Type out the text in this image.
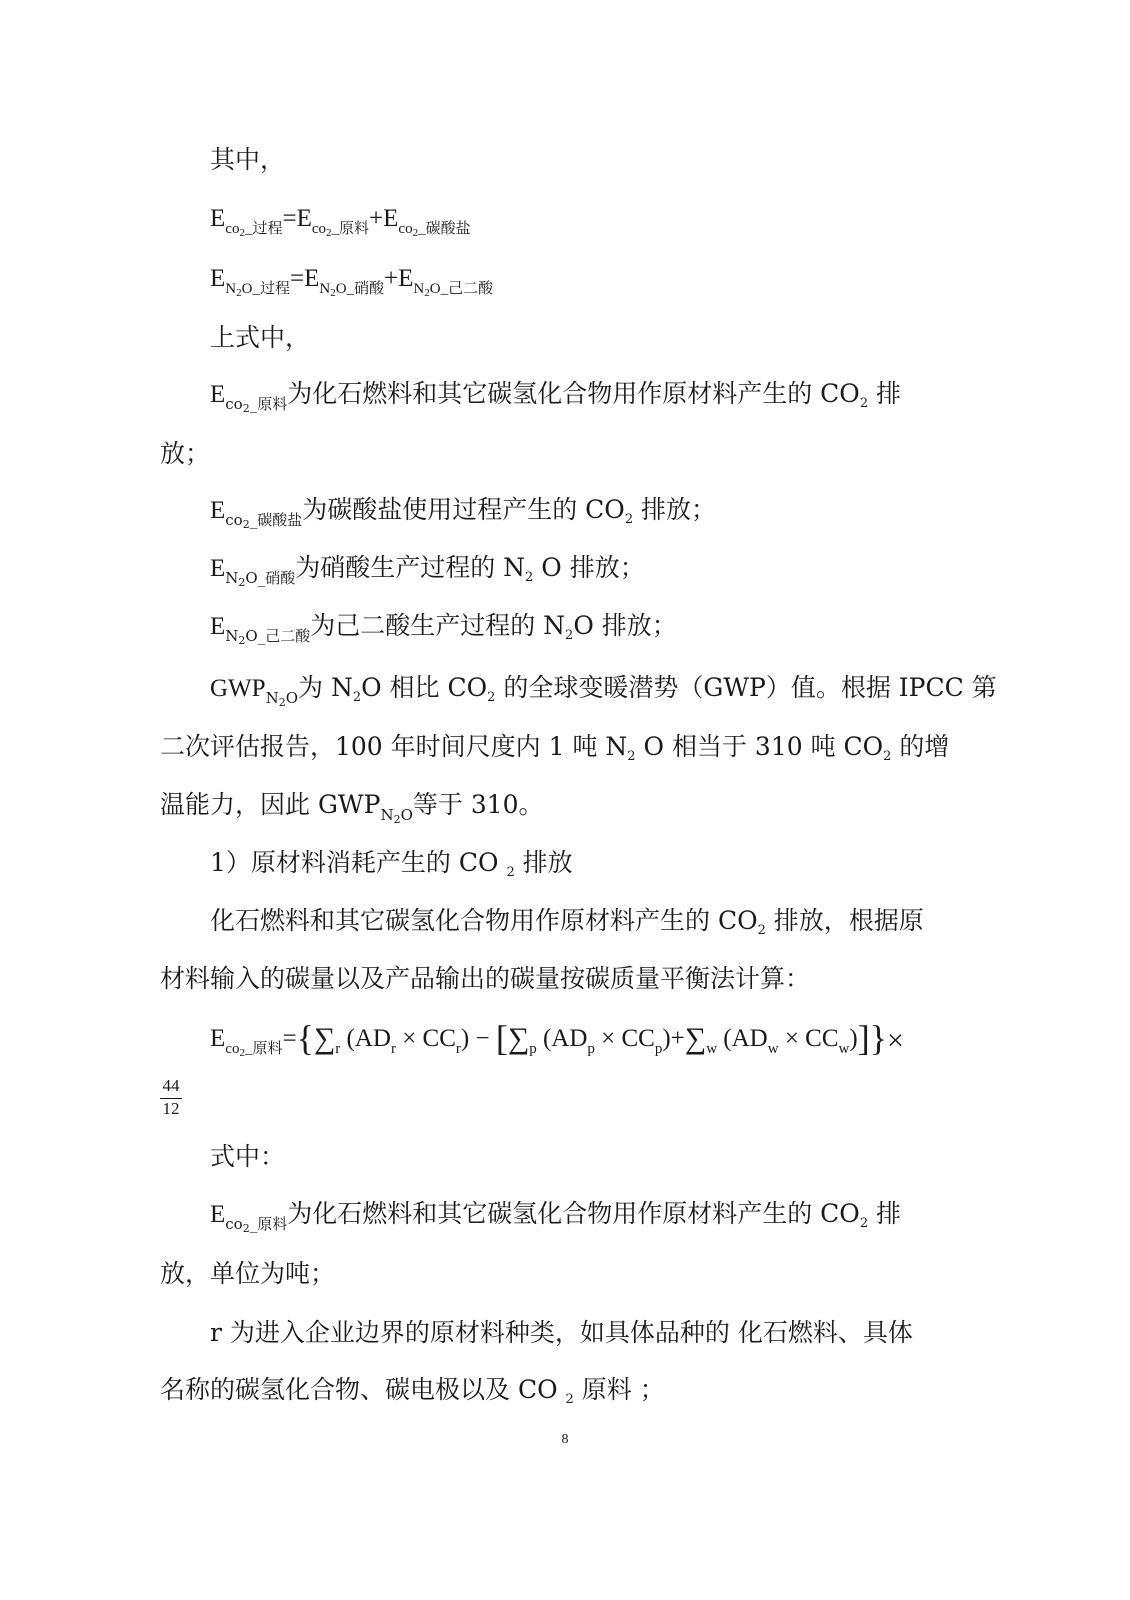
其中，
$E_{co_2\_过程}=E_{co_2\_原料}+E_{co_2\_碳酸盐}$
$E_{N_2O\_过程}=E_{N_2O\_硝酸}+E_{N_2O\_己二酸}$
上式中，
$E_{co_2\_原料}$为化石燃料和其它碳氢化合物用作原材料产生的 $CO_2$ 排
放；
$E_{co_2\_碳酸盐}$为碳酸盐使用过程产生的 $CO_2$ 排放；
$E_{N_2O\_硝酸}$为硝酸生产过程的 $N_2$ O 排放；
$E_{N_2O\_己二酸}$为己二酸生产过程的 $N_2O$ 排放；
$GWP_{N_2O}$为 $N_2O$ 相比 $CO_2$ 的全球变暖潜势（GWP）值。根据 IPCC 第
二次评估报告，100 年时间尺度内 1 吨 $N_2$ O 相当于 310 吨 $CO_2$ 的增
温能力，因此 $GWP_{N_2O}$等于 310。
1）原材料消耗产生的 CO $_2$ 排放
化石燃料和其它碳氢化合物用作原材料产生的 $CO_2$ 排放，根据原
材料输入的碳量以及产品输出的碳量按碳质量平衡法计算：
$E_{co_2\_原料}=\{\sum_r$ $(AD_r \times CC_r) - [\sum_p$ $(AD_p \times CC_p)+\sum_w$ $(AD_w \times CC_w)]\}\times$
$\frac{44}{12}$
式中：
$E_{co_2\_原料}$为化石燃料和其它碳氢化合物用作原材料产生的 $CO_2$ 排
放，单位为吨；
r 为进入企业边界的原材料种类，如具体品种的 化石燃料、具体
名称的碳氢化合物、碳电极以及 CO $_2$ 原料 ；
8
